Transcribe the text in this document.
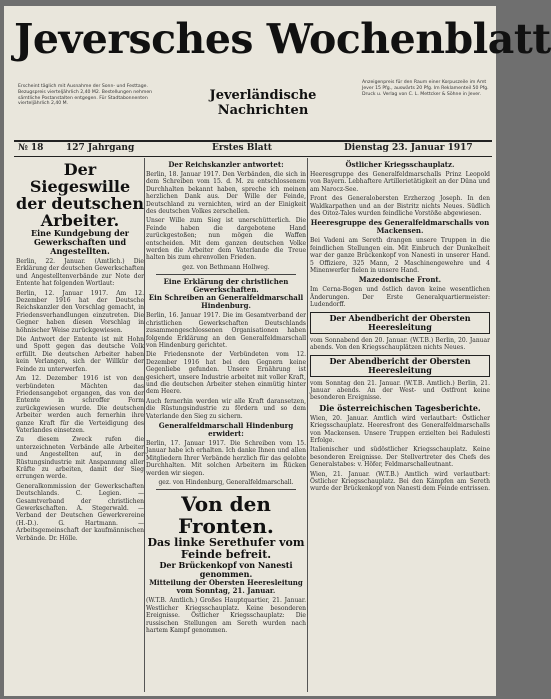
Jeversches Wochenblatt
Erscheint täglich mit Ausnahme der Sonn- und Festtage. Bezugspreis vierteljährlich 2,40 M2. Bestellungen nehmen sämtliche Postanstalten entgegen. Für Stadtabonnenten vierteljährlich 2,40 M.
Jeverländische
Nachrichten
Anzeigenpreis für den Raum einer Korpuszeile im Amt Jever 15 Pfg., auswärts 20 Pfg. Im Reklamenteil 50 Pfg. Druck u. Verlag von C. L. Mettcker & Söhne in Jever.
№ 18	127 Jahrgang	Erstes Blatt	Dienstag 23. Januar 1917
Der Siegeswille der deutschen Arbeiter.
Eine Kundgebung der Gewerkschaften und Angestellten.

Berlin, 22. Januar. (Amtlich.) Die Erklärung der deutschen Gewerkschaften und Angestelltenverbände zur Note der Entente hat folgenden Wortlaut:

Berlin, 12. Januar 1917. Am 12. Dezember 1916 hat der Deutsche Reichskanzler den Vorschlag gemacht, in Friedensverhandlungen einzutreten. Die Gegner haben diesen Vorschlag in höhnischer Weise zurückgewiesen.

Die Antwort der Entente ist mit Hohn und Spott gegen das deutsche Volk erfüllt. Die deutschen Arbeiter haben kein Verlangen, sich der Willkür der Feinde zu unterwerfen.

Am 12. Dezember 1916 ist von den verbündeten Mächten das Friedensangebot ergangen, das von der Entente in schroffer Form zurückgewiesen wurde. Die deutschen Arbeiter werden auch fernerhin ihre ganze Kraft für die Verteidigung des Vaterlandes einsetzen.

Zu diesem Zweck rufen die unterzeichneten Verbände alle Arbeiter und Angestellten auf, in der Rüstungsindustrie mit Anspannung aller Kräfte zu arbeiten, damit der Sieg errungen werde.

Generalkommission der Gewerkschaften Deutschlands. C. Legien. — Gesamtverband der christlichen Gewerkschaften. A. Stegerwald. — Verband der Deutschen Gewerkvereine (H.-D.). G. Hartmann. — Arbeitsgemeinschaft der kaufmännischen Verbände. Dr. Hölle.

Der Reichskanzler antwortet:

Berlin, 18. Januar 1917. Den Verbänden, die sich in dem Schreiben vom 15. d. M. zu entschlossenem Durchhalten bekannt haben, spreche ich meinen herzlichen Dank aus. Der Wille der Feinde, Deutschland zu vernichten, wird an der Einigkeit des deutschen Volkes zerschellen.

Unser Wille zum Sieg ist unerschütterlich. Die Feinde haben die dargebotene Hand zurückgestoßen; nun mögen die Waffen entscheiden. Mit dem ganzen deutschen Volke werden die Arbeiter dem Vaterlande die Treue halten bis zum ehrenvollen Frieden.

gez. von Bethmann Hollweg.
Eine Erklärung der christlichen Gewerkschaften.
Ein Schreiben an Generalfeldmarschall Hindenburg.

Berlin, 16. Januar 1917. Die im Gesamtverband der christlichen Gewerkschaften Deutschlands zusammengeschlossenen Organisationen haben folgende Erklärung an den Generalfeldmarschall von Hindenburg gerichtet.

Die Friedensnote der Verbündeten vom 12. Dezember 1916 hat bei den Gegnern keine Gegenliebe gefunden. Unsere Ernährung ist gesichert, unsere Industrie arbeitet mit voller Kraft, und die deutschen Arbeiter stehen einmütig hinter dem Heere.

Auch fernerhin werden wir alle Kraft daransetzen, die Rüstungsindustrie zu fördern und so dem Vaterlande den Sieg zu sichern.

Generalfeldmarschall Hindenburg erwidert:

Berlin, 17. Januar 1917. Die Schreiben vom 15. Januar habe ich erhalten. Ich danke Ihnen und allen Mitgliedern Ihrer Verbände herzlich für das gelobte Durchhalten. Mit solchen Arbeitern im Rücken werden wir siegen.

gez. von Hindenburg, Generalfeldmarschall.
Von den Fronten.
Das linke Serethufer vom Feinde befreit.
Der Brückenkopf von Nanesti genommen.
Mitteilung der Obersten Heeresleitung vom Sonntag, 21. Januar.

(W.T.B. Amtlich.) Großes Hauptquartier, 21. Januar. Westlicher Kriegsschauplatz. Keine besonderen Ereignisse. Östlicher Kriegsschauplatz: Die russischen Stellungen am Sereth wurden nach hartem Kampf genommen.

Östlicher Kriegsschauplatz.

Heeresgruppe des Generalfeldmarschalls Prinz Leopold von Bayern. Lebhaftere Artillerietätigkeit an der Düna und am Narocz-See.

Front des Generalobersten Erzherzog Joseph. In den Waldkarpathen und an der Bistritz nichts Neues. Südlich des Oitoz-Tales wurden feindliche Vorstöße abgewiesen.

Heeresgruppe des Generalfeldmarschalls von Mackensen.

Bei Vadeni am Sereth drangen unsere Truppen in die feindlichen Stellungen ein. Mit Einbruch der Dunkelheit war der ganze Brückenkopf von Nanesti in unserer Hand. 5 Offiziere, 325 Mann, 2 Maschinengewehre und 4 Minenwerfer fielen in unsere Hand.

Mazedonische Front.

Im Cerna-Bogen und östlich davon keine wesentlichen Änderungen. Der Erste Generalquartiermeister: Ludendorff.

Der Abendbericht der Obersten Heeresleitung

vom Sonnabend den 20. Januar. (W.T.B.) Berlin, 20. Januar abends. Von den Kriegsschauplätzen nichts Neues.

Der Abendbericht der Obersten Heeresleitung

vom Sonntag den 21. Januar. (W.T.B. Amtlich.) Berlin, 21. Januar abends. An der West- und Ostfront keine besonderen Ereignisse.

Die österreichischen Tagesberichte.

Wien, 20. Januar. Amtlich wird verlautbart: Östlicher Kriegsschauplatz. Heeresfront des Generalfeldmarschalls von Mackensen. Unsere Truppen erzielten bei Radulesti Erfolge.

Italienischer und südöstlicher Kriegsschauplatz. Keine besonderen Ereignisse. Der Stellvertreter des Chefs des Generalstabes: v. Höfer, Feldmarschalleutnant.

Wien, 21. Januar. (W.T.B.) Amtlich wird verlautbart: Östlicher Kriegsschauplatz. Bei den Kämpfen am Sereth wurde der Brückenkopf von Nanesti dem Feinde entrissen.
